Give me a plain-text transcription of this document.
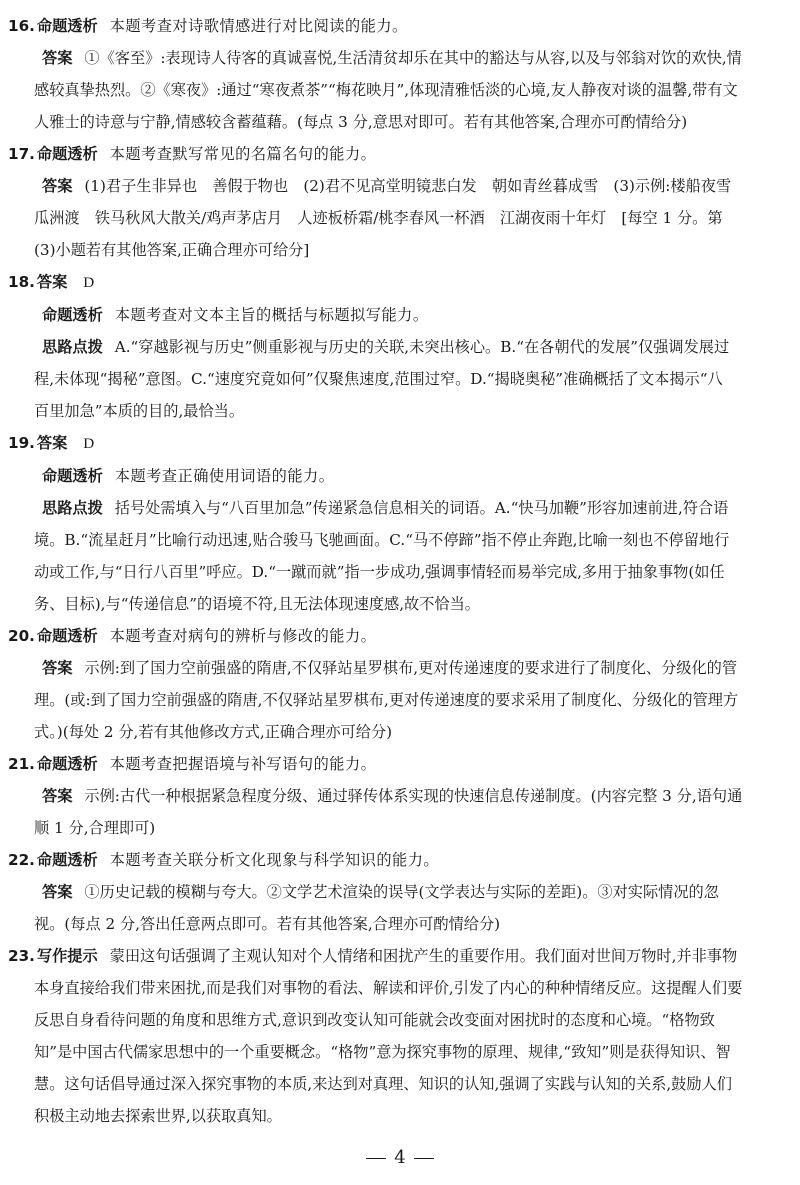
16. 命题透析 本题考查对诗歌情感进行对比阅读的能力。
答案 ①《客至》:表现诗人待客的真诚喜悦,生活清贫却乐在其中的豁达与从容,以及与邻翁对饮的欢快,情
感较真挚热烈。②《寒夜》:通过“寒夜煮茶”“梅花映月”,体现清雅恬淡的心境,友人静夜对谈的温馨,带有文
人雅士的诗意与宁静,情感较含蓄蕴藉。(每点 3 分,意思对即可。若有其他答案,合理亦可酌情给分)
17. 命题透析 本题考查默写常见的名篇名句的能力。
答案 (1)君子生非异也　善假于物也　(2)君不见高堂明镜悲白发　朝如青丝暮成雪　(3)示例:楼船夜雪
瓜洲渡　铁马秋风大散关/鸡声茅店月　人迹板桥霜/桃李春风一杯酒　江湖夜雨十年灯　[每空 1 分。第
(3)小题若有其他答案,正确合理亦可给分]
18. 答案 D
命题透析 本题考查对文本主旨的概括与标题拟写能力。
思路点拨 A.“穿越影视与历史”侧重影视与历史的关联,未突出核心。B.“在各朝代的发展”仅强调发展过
程,未体现“揭秘”意图。C.“速度究竟如何”仅聚焦速度,范围过窄。D.“揭晓奥秘”准确概括了文本揭示“八
百里加急”本质的目的,最恰当。
19. 答案 D
命题透析 本题考查正确使用词语的能力。
思路点拨 括号处需填入与“八百里加急”传递紧急信息相关的词语。A.“快马加鞭”形容加速前进,符合语
境。B.“流星赶月”比喻行动迅速,贴合骏马飞驰画面。C.“马不停蹄”指不停止奔跑,比喻一刻也不停留地行
动或工作,与“日行八百里”呼应。D.“一蹴而就”指一步成功,强调事情轻而易举完成,多用于抽象事物(如任
务、目标),与“传递信息”的语境不符,且无法体现速度感,故不恰当。
20. 命题透析 本题考查对病句的辨析与修改的能力。
答案 示例:到了国力空前强盛的隋唐,不仅驿站星罗棋布,更对传递速度的要求进行了制度化、分级化的管
理。(或:到了国力空前强盛的隋唐,不仅驿站星罗棋布,更对传递速度的要求采用了制度化、分级化的管理方
式。)(每处 2 分,若有其他修改方式,正确合理亦可给分)
21. 命题透析 本题考查把握语境与补写语句的能力。
答案 示例:古代一种根据紧急程度分级、通过驿传体系实现的快速信息传递制度。(内容完整 3 分,语句通
顺 1 分,合理即可)
22. 命题透析 本题考查关联分析文化现象与科学知识的能力。
答案 ①历史记载的模糊与夸大。②文学艺术渲染的误导(文学表达与实际的差距)。③对实际情况的忽
视。(每点 2 分,答出任意两点即可。若有其他答案,合理亦可酌情给分)
23. 写作提示 蒙田这句话强调了主观认知对个人情绪和困扰产生的重要作用。我们面对世间万物时,并非事物
本身直接给我们带来困扰,而是我们对事物的看法、解读和评价,引发了内心的种种情绪反应。这提醒人们要
反思自身看待问题的角度和思维方式,意识到改变认知可能就会改变面对困扰时的态度和心境。“格物致
知”是中国古代儒家思想中的一个重要概念。“格物”意为探究事物的原理、规律,“致知”则是获得知识、智
慧。这句话倡导通过深入探究事物的本质,来达到对真理、知识的认知,强调了实践与认知的关系,鼓励人们
积极主动地去探索世界,以获取真知。
4
